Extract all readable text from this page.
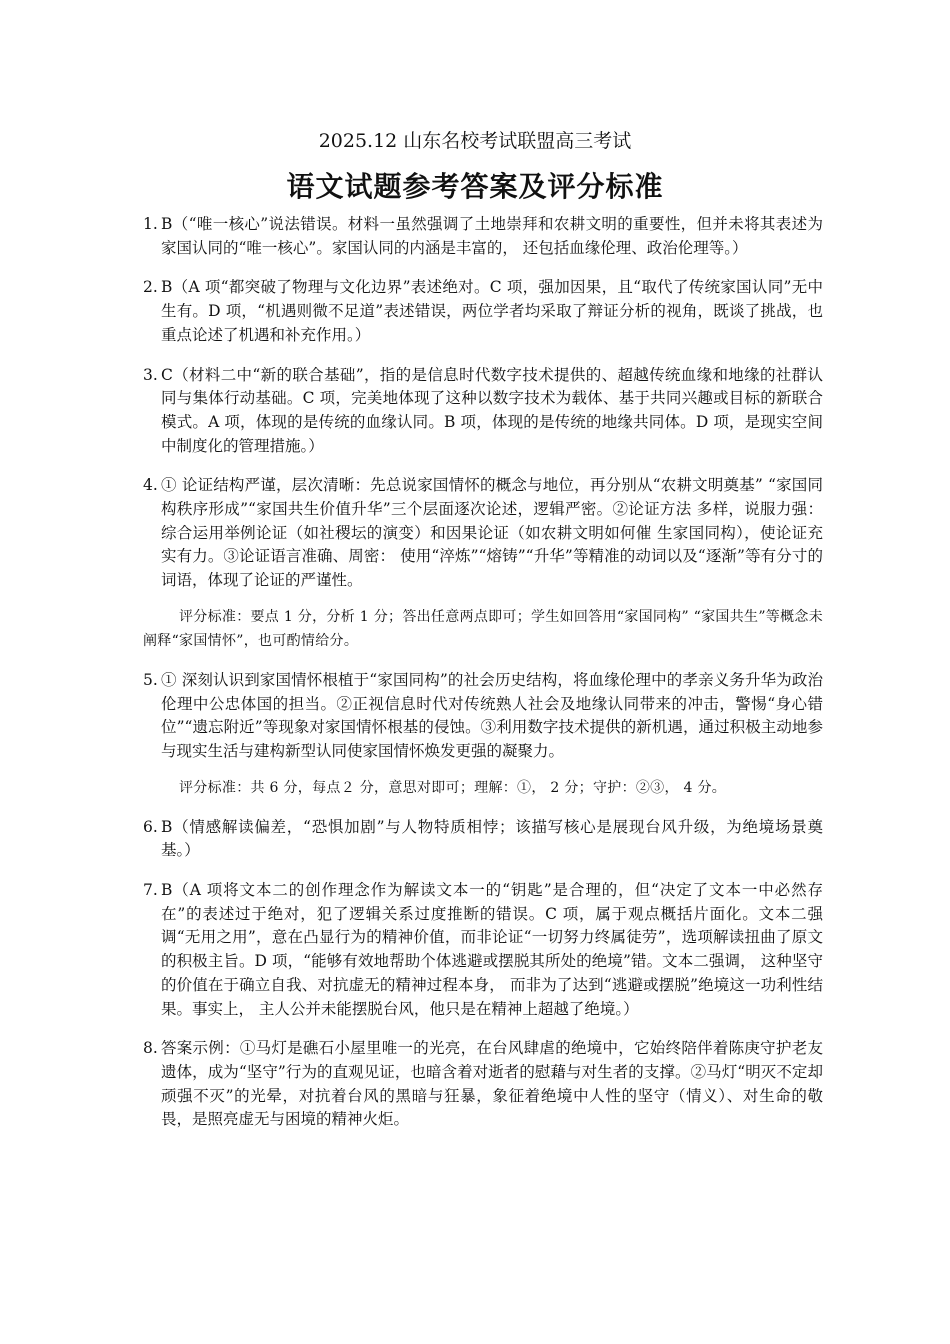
2025.12 山东名校考试联盟高三考试
语文试题参考答案及评分标准
1. B（“唯一核心”说法错误。材料一虽然强调了土地崇拜和农耕文明的重要性，但并未将其表述为家国认同的“唯一核心”。家国认同的内涵是丰富的， 还包括血缘伦理、政治伦理等。）
2. B（A 项“都突破了物理与文化边界”表述绝对。C 项，强加因果，且“取代了传统家国认同”无中生有。D 项，“机遇则微不足道”表述错误，两位学者均采取了辩证分析的视角，既谈了挑战，也重点论述了机遇和补充作用。）
3. C（材料二中“新的联合基础”，指的是信息时代数字技术提供的、超越传统血缘和地缘的社群认同与集体行动基础。C 项，完美地体现了这种以数字技术为载体、基于共同兴趣或目标的新联合模式。A 项，体现的是传统的血缘认同。B 项，体现的是传统的地缘共同体。D 项，是现实空间中制度化的管理措施。）
4. ① 论证结构严谨，层次清晰：先总说家国情怀的概念与地位，再分别从“农耕文明奠基” “家国同构秩序形成”“家国共生价值升华”三个层面逐次论述，逻辑严密。②论证方法 多样，说服力强：综合运用举例论证（如社稷坛的演变）和因果论证（如农耕文明如何催 生家国同构），使论证充实有力。③论证语言准确、周密： 使用“淬炼”“熔铸”“升华”等精准的动词以及“逐渐”等有分寸的词语，体现了论证的严谨性。
评分标准：要点 1 分，分析 1 分；答出任意两点即可；学生如回答用“家国同构” “家国共生”等概念未阐释“家国情怀”，也可酌情给分。
5. ① 深刻认识到家国情怀根植于“家国同构”的社会历史结构，将血缘伦理中的孝亲义务升华为政治伦理中公忠体国的担当。②正视信息时代对传统熟人社会及地缘认同带来的冲击，警惕“身心错位”“遗忘附近”等现象对家国情怀根基的侵蚀。③利用数字技术提供的新机遇，通过积极主动地参与现实生活与建构新型认同使家国情怀焕发更强的凝聚力。
评分标准：共 6 分，每点２ 分，意思对即可；理解：①， 2 分；守护：②③， 4 分。
6. B（情感解读偏差，“恐惧加剧”与人物特质相悖；该描写核心是展现台风升级，为绝境场景奠基。）
7. B（A 项将文本二的创作理念作为解读文本一的“钥匙”是合理的，但“决定了文本一中必然存在”的表述过于绝对，犯了逻辑关系过度推断的错误。C 项，属于观点概括片面化。文本二强调“无用之用”，意在凸显行为的精神价值，而非论证“一切努力终属徒劳”，选项解读扭曲了原文的积极主旨。D 项，“能够有效地帮助个体逃避或摆脱其所处的绝境”错。文本二强调， 这种坚守的价值在于确立自我、对抗虚无的精神过程本身， 而非为了达到“逃避或摆脱”绝境这一功利性结果。事实上， 主人公并未能摆脱台风，他只是在精神上超越了绝境。）
8. 答案示例：①马灯是礁石小屋里唯一的光亮，在台风肆虐的绝境中，它始终陪伴着陈庚守护老友遗体，成为“坚守”行为的直观见证，也暗含着对逝者的慰藉与对生者的支撑。②马灯“明灭不定却顽强不灭”的光晕，对抗着台风的黑暗与狂暴，象征着绝境中人性的坚守（情义）、对生命的敬畏，是照亮虚无与困境的精神火炬。
